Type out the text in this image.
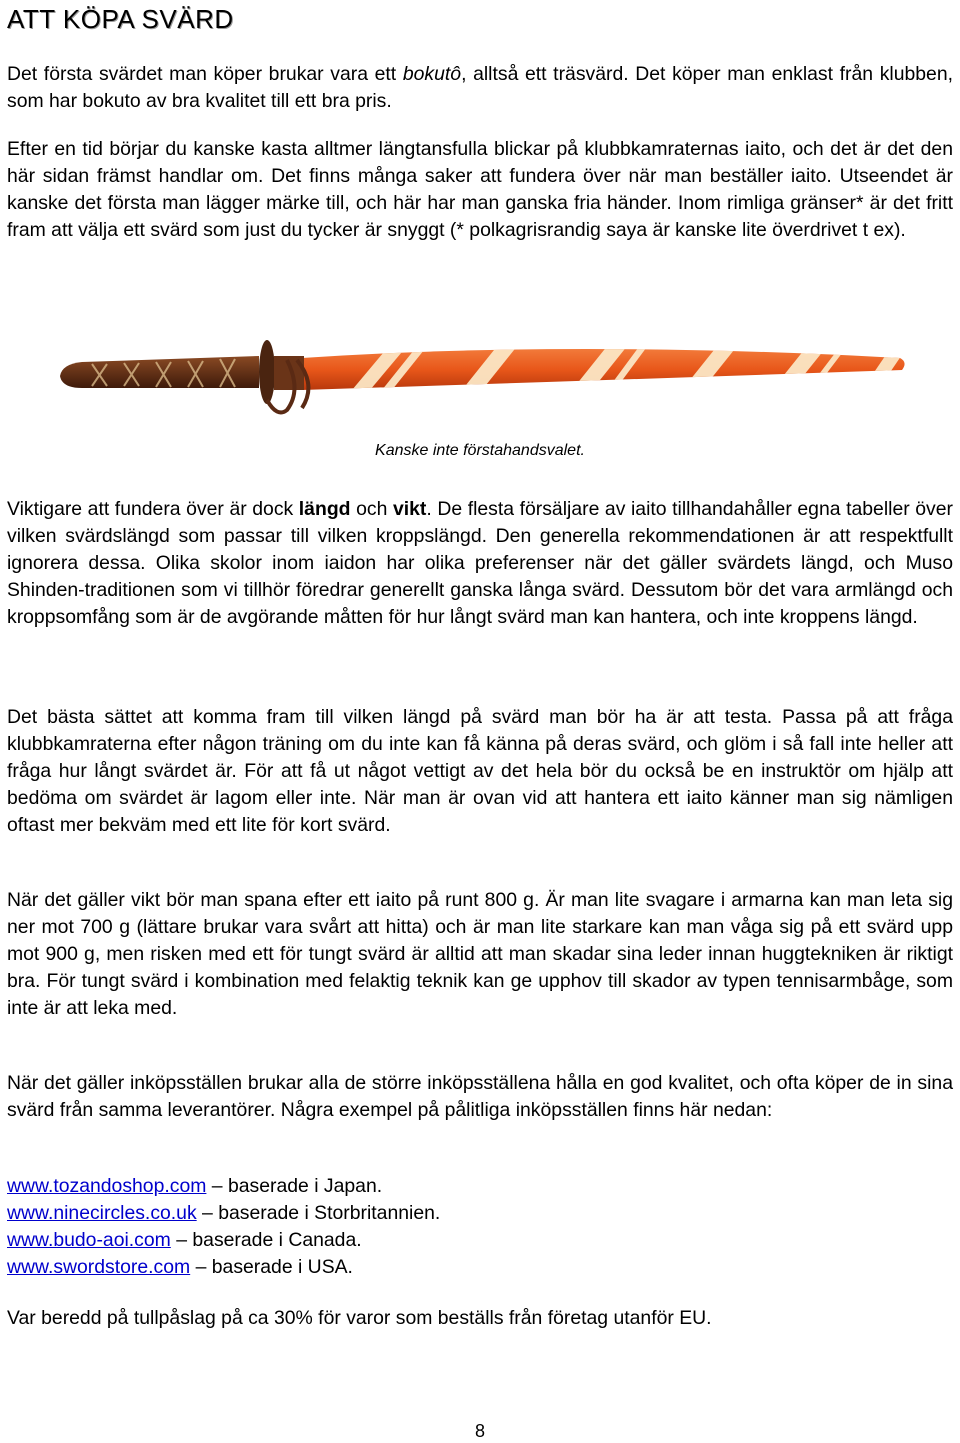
ATT KÖPA SVÄRD

Det första svärdet man köper brukar vara ett bokutô, alltså ett träsvärd. Det köper man enklast från klubben, som har bokuto av bra kvalitet till ett bra pris.

Efter en tid börjar du kanske kasta alltmer längtansfulla blickar på klubbkamraternas iaito, och det är det den här sidan främst handlar om. Det finns många saker att fundera över när man beställer iaito. Utseendet är kanske det första man lägger märke till, och här har man ganska fria händer. Inom rimliga gränser* är det fritt fram att välja ett svärd som just du tycker är snyggt (* polkagrisrandig saya är kanske lite överdrivet t ex).

Kanske inte förstahandsvalet.

Viktigare att fundera över är dock längd och vikt. De flesta försäljare av iaito tillhandahåller egna tabeller över vilken svärdslängd som passar till vilken kroppslängd. Den generella rekommendationen är att respektfullt ignorera dessa. Olika skolor inom iaidon har olika preferenser när det gäller svärdets längd, och Muso Shinden-traditionen som vi tillhör föredrar generellt ganska långa svärd. Dessutom bör det vara armlängd och kroppsomfång som är de avgörande måtten för hur långt svärd man kan hantera, och inte kroppens längd.

Det bästa sättet att komma fram till vilken längd på svärd man bör ha är att testa. Passa på att fråga klubbkamraterna efter någon träning om du inte kan få känna på deras svärd, och glöm i så fall inte heller att fråga hur långt svärdet är. För att få ut något vettigt av det hela bör du också be en instruktör om hjälp att bedöma om svärdet är lagom eller inte. När man är ovan vid att hantera ett iaito känner man sig nämligen oftast mer bekväm med ett lite för kort svärd.

När det gäller vikt bör man spana efter ett iaito på runt 800 g. Är man lite svagare i armarna kan man leta sig ner mot 700 g (lättare brukar vara svårt att hitta) och är man lite starkare kan man våga sig på ett svärd upp mot 900 g, men risken med ett för tungt svärd är alltid att man skadar sina leder innan huggtekniken är riktigt bra. För tungt svärd i kombination med felaktig teknik kan ge upphov till skador av typen tennisarmbåge, som inte är att leka med.

När det gäller inköpsställen brukar alla de större inköpsställena hålla en god kvalitet, och ofta köper de in sina svärd från samma leverantörer. Några exempel på pålitliga inköpsställen finns här nedan:

www.tozandoshop.com – baserade i Japan.

www.ninecircles.co.uk – baserade i Storbritannien.

www.budo-aoi.com – baserade i Canada.

www.swordstore.com – baserade i USA.

Var beredd på tullpåslag på ca 30% för varor som beställs från företag utanför EU.

8
